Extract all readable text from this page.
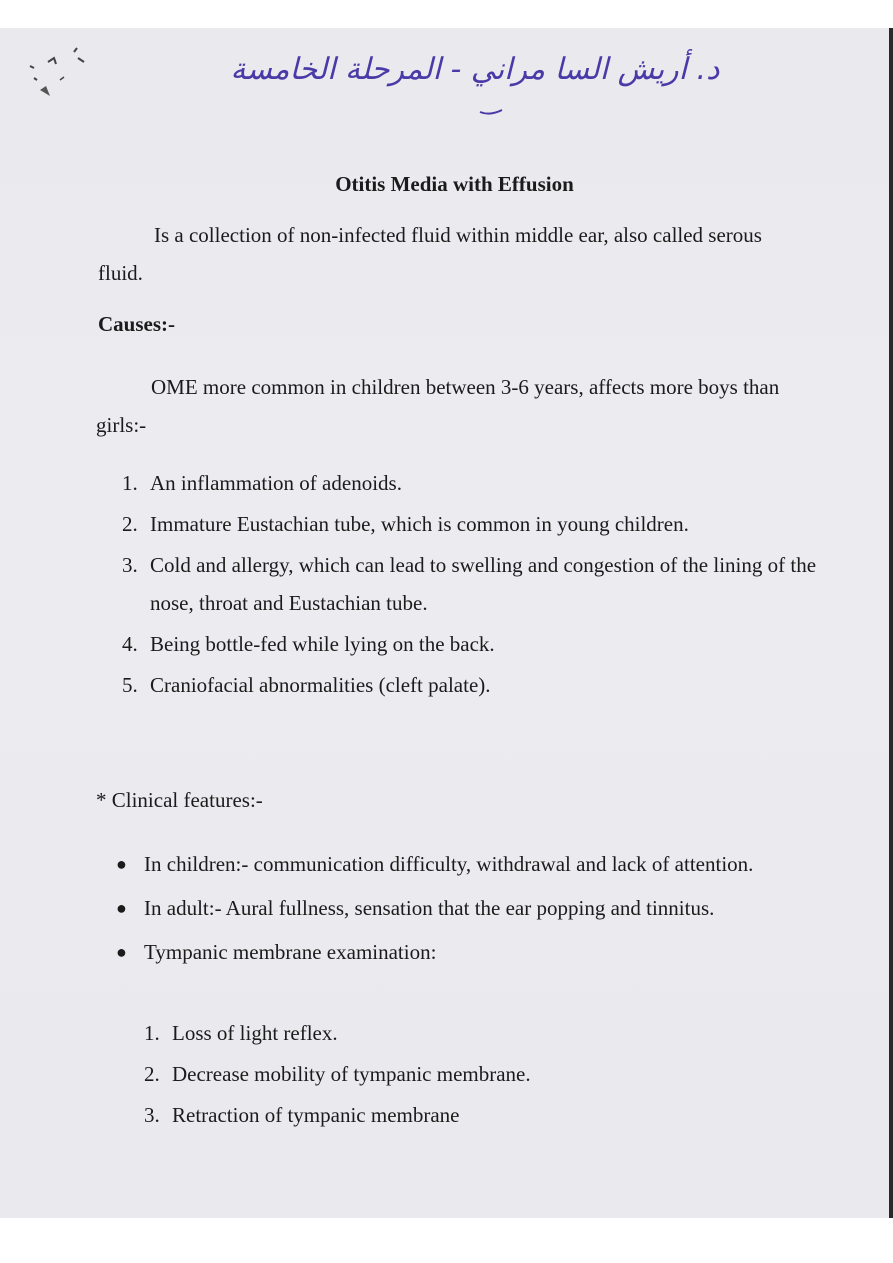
د. أريش السا مراني - المرحلة الخامسة
Otitis Media with Effusion
Is a collection of non-infected fluid within middle ear, also called serous fluid.
Causes:-
OME more common in children between 3-6 years, affects more boys than girls:-
1. An inflammation of adenoids.
2. Immature Eustachian tube, which is common in young children.
3. Cold and allergy, which can lead to swelling and congestion of the lining of the nose, throat and Eustachian tube.
4. Being bottle-fed while lying on the back.
5. Craniofacial abnormalities (cleft palate).
* Clinical features:-
● In children:- communication difficulty, withdrawal and lack of attention.
● In adult:- Aural fullness, sensation that the ear popping and tinnitus.
● Tympanic membrane examination:
1. Loss of light reflex.
2. Decrease mobility of tympanic membrane.
3. Retraction of tympanic membrane
